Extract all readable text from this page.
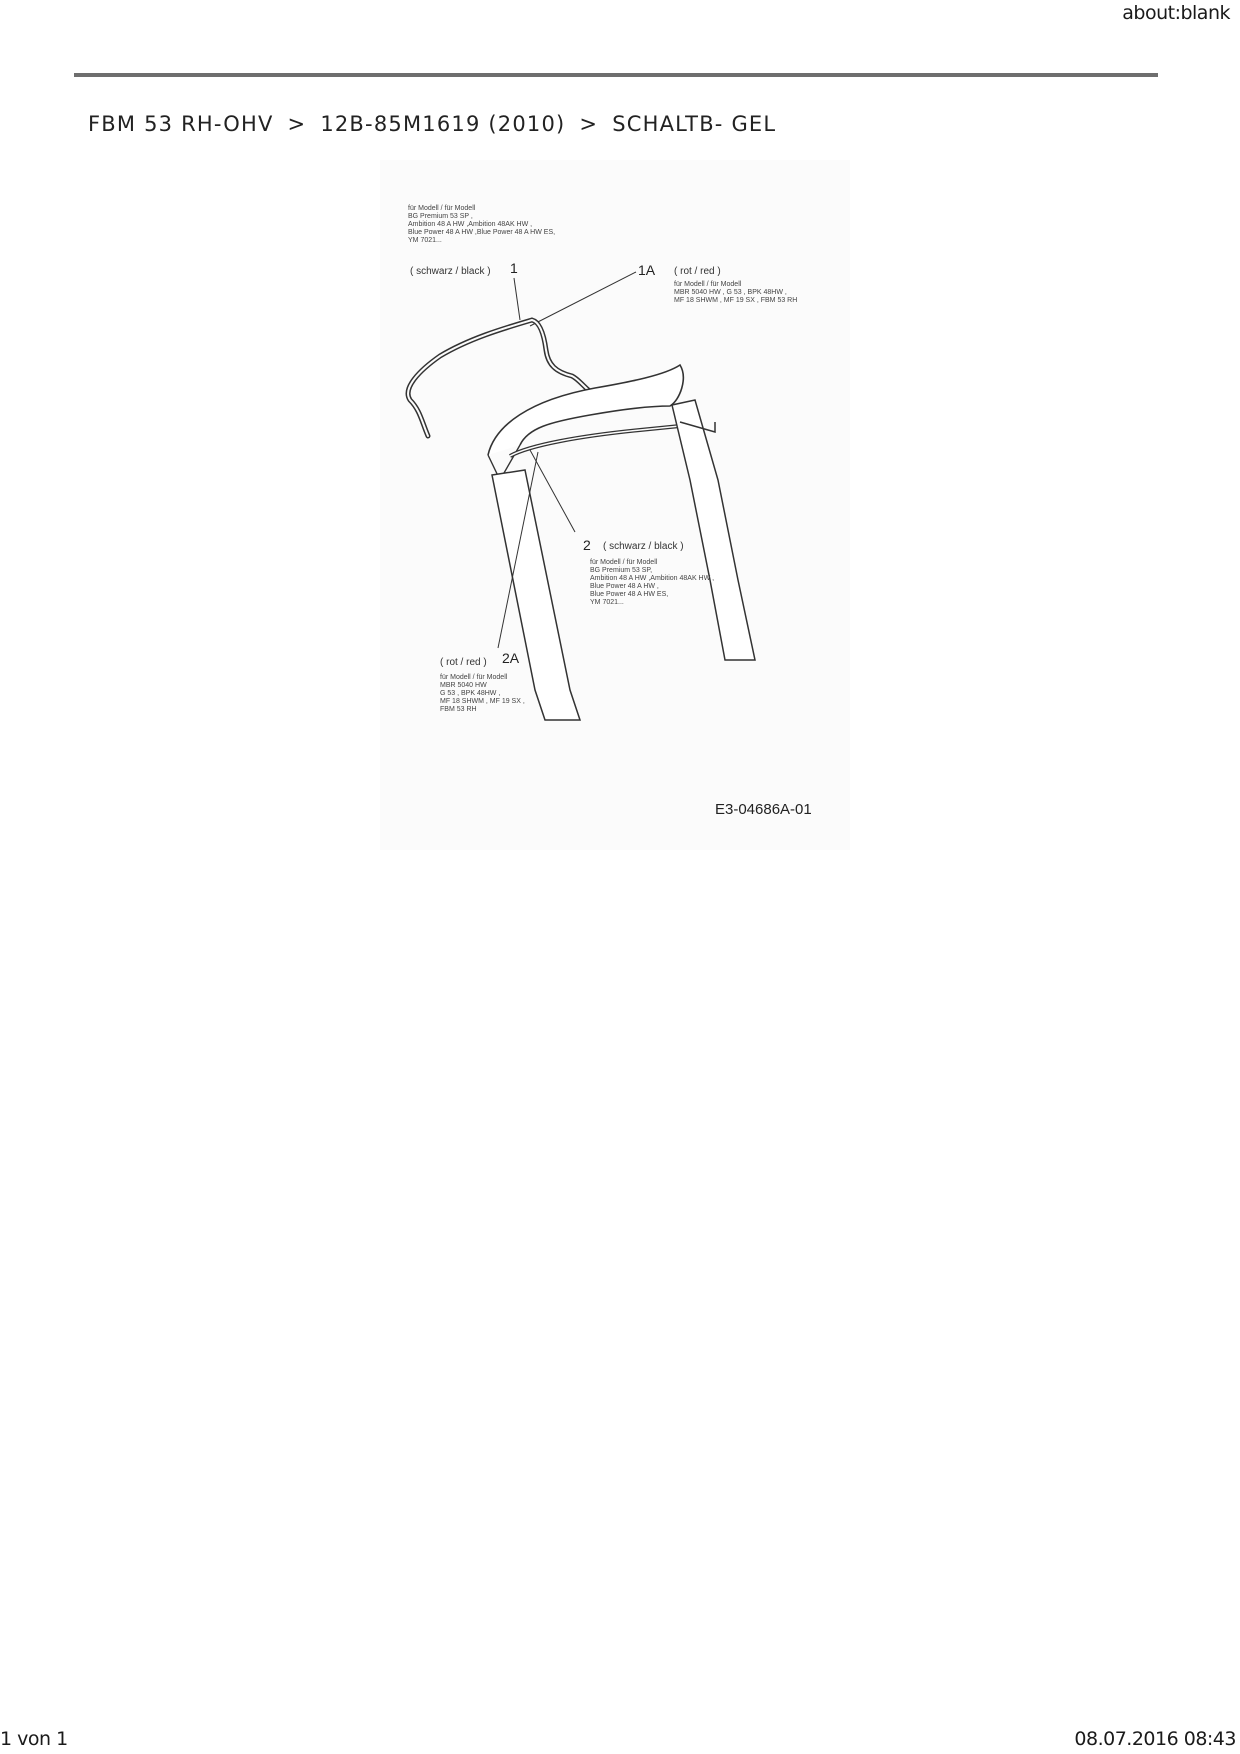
about:blank
FBM 53 RH-OHV > 12B-85M1619 (2010) > SCHALTB- GEL
für Modell / für Modell
BG Premium 53 SP ,
Ambition 48 A HW ,Ambition 48AK HW ,
Blue Power 48 A HW ,Blue Power 48 A HW ES,
YM 7021...
( schwarz / black ) 1	1A ( rot / red )
für Modell / für Modell
MBR 5040 HW , G 53 , BPK 48HW ,
MF 18 SHWM , MF 19 SX , FBM 53 RH
2 ( schwarz / black )
für Modell / für Modell
BG Premium 53 SP,
Ambition 48 A HW ,Ambition 48AK HW ,
Blue Power 48 A HW ,
Blue Power 48 A HW ES,
YM 7021...
( rot / red ) 2A
für Modell / für Modell
MBR 5040 HW
G 53 , BPK 48HW ,
MF 18 SHWM , MF 19 SX ,
FBM 53 RH
E3-04686A-01
1 von 1	08.07.2016 08:43
